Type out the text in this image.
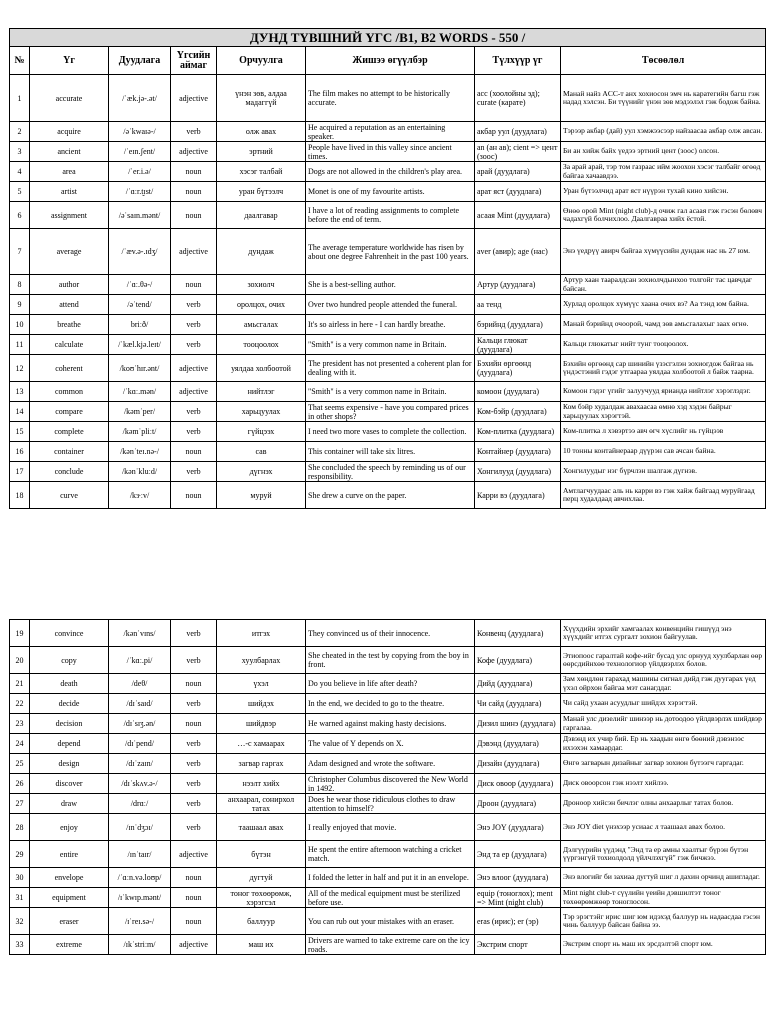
ДУНД ТҮВШНИЙ ҮГС /B1, B2 WORDS - 550 /							
№	Үг	Дуудлага	Үгсийн аймаг	Орчуулга	Жишээ өгүүлбэр	Түлхүүр үг	Төсөөлөл
1	accurate	/ˈæk.jə-.ət/	adjective	үнэн зөв, алдаа мадаггүй	The film makes no attempt to be historically accurate.	acc (хоолойны эд); curate (карате)	Манай найз ACC-т анх хохиосон эмч нь каратегийн багш гэж надад хэлсэн. Би түүнийг үнэн зөв мэдээлэл гэж бодож байна.
2	acquire	/əˈkwaɪə-/	verb	олж авах	He acquired a reputation as an entertaining speaker.	акбар уул (дуудлага)	Тэрээр акбар (дай) уул хэмжээсээр найзаасаа акбар олж авсан.
3	ancient	/ˈeɪn.ʃent/	adjective	эртний	People have lived in this valley since ancient times.	an (ан ав); cient => цент (зоос)	Би ан хийж байх үедээ эртний цент (зоос) олсон.
4	area	/ˈer.i.ə/	noun	хэсэг талбай	Dogs are not allowed in the children's play area.	арай (дуудлага)	За арай арай, тэр том газраас ийм жоохон хэсэг талбайг өгөөд байгаа хачаавдээ.
5	artist	/ˈɑːr.t̬ɪst/	noun	уран бүтээлч	Monet is one of my favourite artists.	арат яст (дуудлага)	Уран бүтээлчид арат яст нүүрэн тухай кино хийсэн.
6	assignment	/əˈsaɪn.mənt/	noun	даалгавар	I have a lot of reading assignments to complete before the end of term.	асаая Mint (дуудлага)	Өнөө орой Mint (night club)-д очиж гал асаая гэж гэсэн бөлөвч чадахгүй болчихлоо. Даалгавраа хийх ёстой.
7	average	/ˈæv.ə-.ɪdʒ/	adjective	дундаж	The average temperature worldwide has risen by about one degree Fahrenheit in the past 100 years.	aver (авир); age (нас)	Энэ үедрүү авирч байгаа хүмүүсийн дундаж нас нь 27 юм.
8	author	/ˈɑː.θə-/	noun	зохиолч	She is a best-selling author.	Артур (дуудлага)	Артур хаан тааралдсан зохиолчдынхоо толгойг тас цавчдаг байсан.
9	attend	/əˈtend/	verb	оролцох, очих	Over two hundred people attended the funeral.	аа тенд	Хурлад оролцох хүмүүс хаана очих вэ? Аа тэнд юм байна.
10	breathe	briːð/	verb	амьсгалах	It's so airless in here - I can hardly breathe.	бэрийнд (дуудлага)	Манай бэрийнд очоорой, чамд зөв амьсгалахыг заах өгнө.
11	calculate	/ˈkæl.kjə.leɪt/	verb	тооцоолох	"Smith" is a very common name in Britain.	Кальци глюкат (дуудлага)	Кальци глюкатыг нийт тунг тооцоолох.
12	coherent	/koʊˈhɪr.ənt/	adjective	уялдаа холбоотой	The president has not presented a coherent plan for dealing with it.	Бэхийн өргөөнд (дуудлага)	Бэхийн өргөөнд сар шинийн үзэсгэлэн зохиогдож байгаа нь үндэстэний гэдэг утгаараа уялдаа холбоотой л байж таарна.
13	common	/ˈkɑː.mən/	adjective	нийтлэг	"Smith" is a very common name in Britain.	комоон (дуудлага)	Комоон гэдэг үгийг залуучууд ярианда нийтлэг хэрэглэдэг.
14	compare	/kəmˈper/	verb	харьцуулах	That seems expensive - have you compared prices in other shops?	Ком-бэйр (дуудлага)	Ком бэйр худалдаж авахаасаа өмнө хэд хэдэн байрыг харьцуулах хэрэгтэй.
15	complete	/kəmˈpliːt/	verb	гүйцээх	I need two more vases to complete the collection.	Ком-плитка (дуудлага)	Ком-плитка л хэвэртээ авч өгч хүслийг нь гүйцээв
16	container	/kənˈteɪ.nə-/	noun	сав	This container will take six litres.	Контайнер (дуудлага)	10 тонны контайнераар дүүрэн сав ачсан байна.
17	conclude	/kənˈkluːd/	verb	дүгнэх	She concluded the speech by reminding us of our responsibility.	Хонгилууд (дуудлага)	Хонгилуудыг нэг бүрчлэн шалгаж дүгнэв.
18	curve	/kɝːv/	noun	муруй	She drew a curve on the paper.	Карри вэ (дуудлага)	Амтлагчуудаас аль нь карри вэ гэж хайж байгаад муруйгаад перц худалдаад авчихлаа.
19	convince	/kənˈvɪns/	verb	итгэх	They convinced us of their innocence.	Конвенц (дуудлага)	Хүүхдийн эрхийг хамгаалах конвенцийн гишүүд энэ хүүхдийг итгэх сургалт зохион байгуулав.
20	copy	/ˈkɑː.pi/	verb	хуулбарлах	She cheated in the test by copying from the boy in front.	Кофе (дуудлага)	Этиопоос гаралтай кофе-ийг бусад улс орнууд хуулбарлан өөр өөрсдийнхөө технологиор үйлдвэрлэх болов.
21	death	/deθ/	noun	үхэл	Do you believe in life after death?	Дийд (дуудлага)	Зам хөндлөн гарахад машины сигнал дийд гэж дуугарах үед үхэл ойрхон байгаа мэт санагддаг.
22	decide	/dɪˈsaɪd/	verb	шийдэх	In the end, we decided to go to the theatre.	Чи сайд (дуудлага)	Чи сайд ухаан асуудлыг шийдэх хэрэгтэй.
23	decision	/dɪˈsɪʒ.ən/	noun	шийдвэр	He warned against making hasty decisions.	Дизил шинэ (дуудлага)	Манай улс дизелийг шинээр нь дотоодоо үйлдвэрлэх шийдвэр гаргалаа.
24	depend	/dɪˈpend/	verb	…-с хамаарах	The value of Y depends on X.	Дэвэнд (дуудлага)	Дэвэнд их учир бий. Ер нь хаадын өнгө бөөний дэвэнээс ихээхэн хамаардаг.
25	design	/dɪˈzaɪn/	verb	загвар гаргах	Adam designed and wrote the software.	Дизайн (дуудлага)	Өнгө загварын дизайныг загвар зохион бүтээгч гаргадаг.
26	discover	/dɪˈskʌv.ə-/	verb	нээлт хийх	Christopher Columbus discovered the New World in 1492.	Диск овоор (дуудлага)	Диск овоорсон гэж нээлт хийлээ.
27	draw	/drɑː/	verb	анхаарал, сонирхол татах	Does he wear those ridiculous clothes to draw attention to himself?	Дроон (дуудлага)	Дроноор хийсэн бичлэг олны анхаарлыг татах болов.
28	enjoy	/ɪnˈdʒɔɪ/	verb	таашаал авах	I really enjoyed that movie.	Энэ JOY (дуудлага)	Энэ JOY diet үнэхээр усиаас л таашаал авах болоо.
29	entire	/ɪnˈtaɪr/	adjective	бүтэн	He spent the entire afternoon watching a cricket match.	Энд та ер (дуудлага)	Дэлгүүрийн үүдэнд "Энд та ер амны хаалтыг бүрэн бүтэн үүргэнгүй тохиолдолд үйлчлэхгүй" гэж бичжээ.
30	envelope	/ˈɑːn.və.loʊp/	noun	дугтуй	I folded the letter in half and put it in an envelope.	Энэ влоог (дуудлага)	Энэ влогийг би захиаа дугтуй шиг л дахин орчинд ашигладаг.
31	equipment	/ɪˈkwɪp.mənt/	noun	тоног төхөөрөмж, хэрэгсэл	All of the medical equipment must be sterilized before use.	equip (тоноглох); ment => Mint (night club)	Mint night club-т сүүлийн үеийн дэвшилтэт тоног төхөөрөмжөөр тоноглосон.
32	eraser	/ɪˈreɪ.sə-/	noun	баллуур	You can rub out your mistakes with an eraser.	eras (ирис); er (эр)	Тэр эрэгтэйг ирис шиг юм идэхэд баллуур нь надаасдаа гэсэн чинь баллуур байсан байна ээ.
33	extreme	/ɪkˈstriːm/	adjective	маш их	Drivers are warned to take extreme care on the icy roads.	Экстрим спорт	Экстрим спорт нь маш их эрсдэлтэй спорт юм.
